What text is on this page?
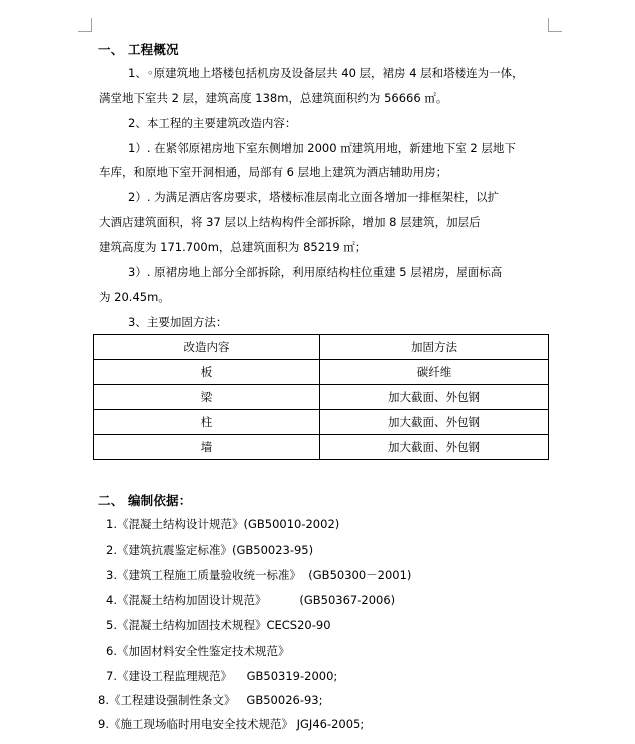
一、 工程概况
1、◦原建筑地上塔楼包括机房及设备层共 40 层，裙房 4 层和塔楼连为一体，
满堂地下室共 2 层，建筑高度 138m，总建筑面积约为 56666 ㎡。
2、本工程的主要建筑改造内容：
1）. 在紧邻原裙房地下室东侧增加 2000 ㎡建筑用地，新建地下室 2 层地下
车库，和原地下室开洞相通，局部有 6 层地上建筑为酒店辅助用房；
2）. 为满足酒店客房要求，塔楼标准层南北立面各增加一排框架柱，以扩
大酒店建筑面积，将 37 层以上结构构件全部拆除，增加 8 层建筑，加层后
建筑高度为 171.700m，总建筑面积为 85219 ㎡；
3）. 原裙房地上部分全部拆除，利用原结构柱位重建 5 层裙房，屋面标高
为 20.45m。
3、主要加固方法：
改造内容	加固方法
板	碳纤维
梁	加大截面、外包钢
柱	加大截面、外包钢
墙	加大截面、外包钢
二、 编制依据：
1.《混凝土结构设计规范》(GB50010-2002)
2.《建筑抗震鉴定标准》(GB50023-95)
3.《建筑工程施工质量验收统一标准》  (GB50300－2001)
4.《混凝土结构加固设计规范》         (GB50367-2006)
5.《混凝土结构加固技术规程》CECS20-90
6.《加固材料安全性鉴定技术规范》
7.《建设工程监理规范》    GB50319-2000;
8.《工程建设强制性条文》   GB50026-93;
9.《施工现场临时用电安全技术规范》 JGJ46-2005;
